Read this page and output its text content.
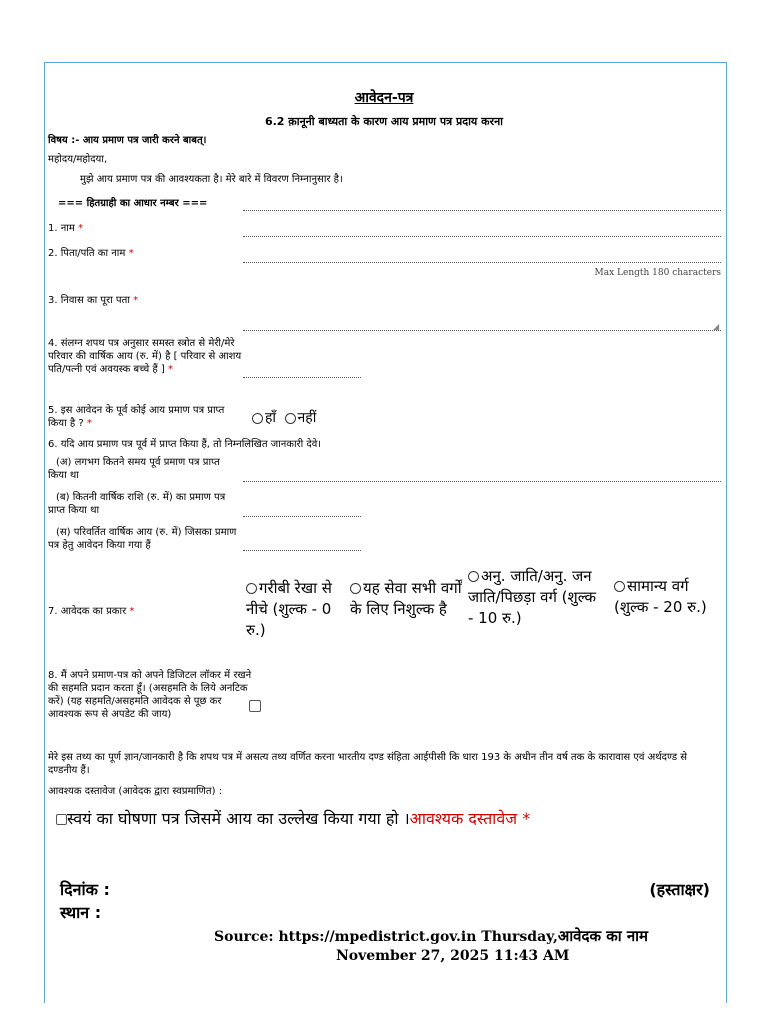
आवेदन-पत्र
6.2 क़ानूनी बाध्यता के कारण आय प्रमाण पत्र प्रदाय करना
विषय :- आय प्रमाण पत्र जारी करने बाबत्।
महोदय/महोदया,
मुझे आय प्रमाण पत्र की आवश्यकता है। मेरे बारे में विवरण निम्नानुसार है।
=== हितग्राही का आधार नम्बर ===
1. नाम *
2. पिता/पति का नाम *
Max Length 180 characters
3. निवास का पूरा पता *
◢
4. संलग्न शपथ पत्र अनुसार समस्त स्त्रोत से मेरी/मेरे परिवार की वार्षिक आय (रु. में) है [ परिवार से आशय पति/पत्नी एवं अवयस्क बच्चे हैं ] *
5. इस आवेदन के पूर्व कोई आय प्रमाण पत्र प्राप्त किया है ? *	हाँ नहीं
6. यदि आय प्रमाण पत्र पूर्व में प्राप्त किया हैं, तो निम्नलिखित जानकारी देवे।
(अ) लगभग कितने समय पूर्व प्रमाण पत्र प्राप्त किया था
(ब) कितनी वार्षिक राशि (रु. में) का प्रमाण पत्र प्राप्त किया था
(स) परिवर्तित वार्षिक आय (रु. में) जिसका प्रमाण पत्र हेतु आवेदन किया गया हैं
7. आवेदक का प्रकार *
गरीबी रेखा से नीचे (शुल्क - 0 रु.)
यह सेवा सभी वर्गों के लिए निशुल्क है
अनु. जाति/अनु. जन जाति/पिछड़ा वर्ग (शुल्क - 10 रु.)
सामान्य वर्ग (शुल्क - 20 रु.)
8. मैं अपने प्रमाण-पत्र को अपने डिजिटल लॉकर में रखने की सहमति प्रदान करता हूँ। (असहमति के लिये अनटिक करें) (यह सहमति/असहमति आवेदक से पूछ कर आवश्यक रूप से अपडेट की जाय)
मेरे इस तथ्य का पूर्ण ज्ञान/जानकारी है कि शपथ पत्र में असत्य तथ्य वर्णित करना भारतीय दण्ड संहिता आईपीसी कि धारा 193 के अधीन तीन वर्ष तक के कारावास एवं अर्थदण्ड से दण्डनीय हैं।
आवश्यक दस्तावेज (आवेदक द्वारा स्वप्रमाणित) :
स्वयं का घोषणा पत्र जिसमें आय का उल्लेख किया गया हो ।आवश्यक दस्तावेज *
दिनांक :
स्थान :
(हस्ताक्षर)
Source: https://mpedistrict.gov.in Thursday,आवेदक का नाम
November 27, 2025 11:43 AM
